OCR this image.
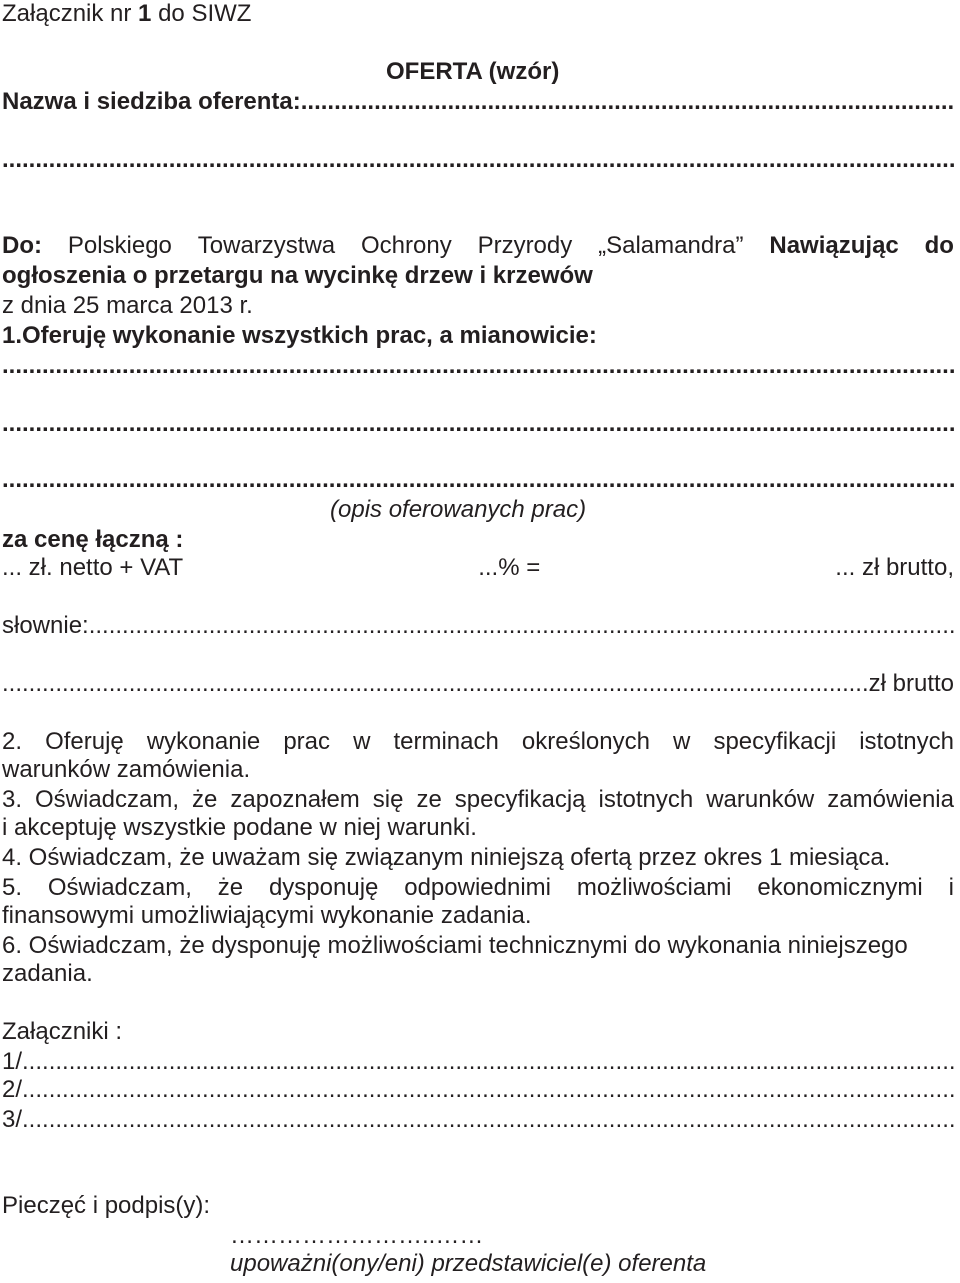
Załącznik nr 1 do SIWZ
OFERTA (wzór)
Nazwa i siedziba oferenta:
.....
.....
Do: Polskiego Towarzystwa Ochrony Przyrody „Salamandra” Nawiązując do
ogłoszenia o przetargu na wycinkę drzew i krzewów
z dnia 25 marca 2013 r.
1.Oferuję wykonanie wszystkich prac, a mianowicie:
.....
.....
.....
(opis oferowanych prac)
za cenę łączną :
... zł. netto + VAT	...% =	... zł brutto,
słownie:
.....
.....
...zł brutto
2. Oferuję wykonanie prac w terminach określonych w specyfikacji istotnych
warunków zamówienia.
3. Oświadczam, że zapoznałem się ze specyfikacją istotnych warunków zamówienia
i akceptuję wszystkie podane w niej warunki.
4. Oświadczam, że uważam się związanym niniejszą ofertą przez okres 1 miesiąca.
5. Oświadczam, że dysponuję odpowiednimi możliwościami ekonomicznymi i
finansowymi umożliwiającymi wykonanie zadania.
6. Oświadczam, że dysponuję możliwościami technicznymi do wykonania niniejszego
zadania.
Załączniki :
1/
.....
2/
.....
3/
.....
Pieczęć i podpis(y):
……………………..……
upoważni(ony/eni) przedstawiciel(e) oferenta
